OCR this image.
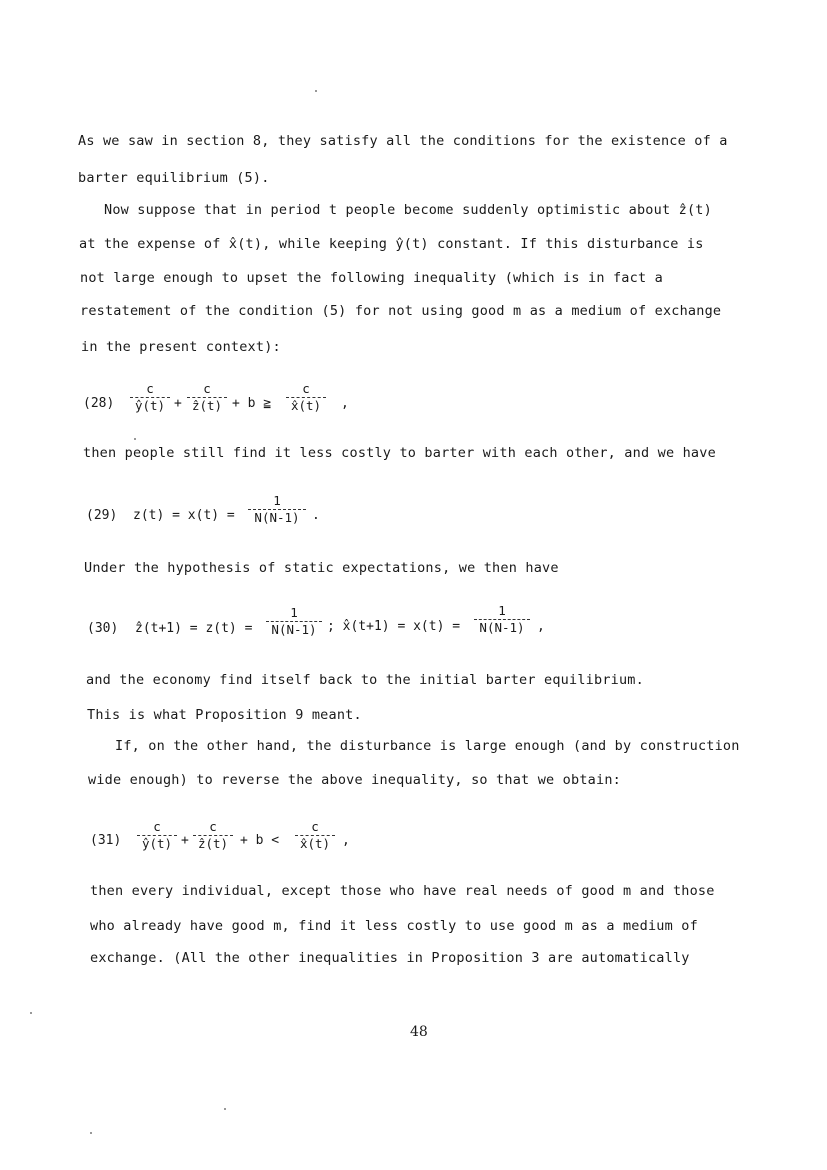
As we saw in section 8, they satisfy all the conditions for the existence of a
barter equilibrium (5).
Now suppose that in period t people become suddenly optimistic about ẑ(t)
at the expense of x̂(t), while keeping ŷ(t) constant. If this disturbance is
not large enough to upset the following inequality (which is in fact a
restatement of the condition (5) for not using good m as a medium of exchange
in the present context):
(28)
c
ŷ(t) +
c
ẑ(t) + b ≧
c
x̂(t)	,
then people still find it less costly to barter with each other, and we have
(29) z(t) = x(t) =
1
N(N-1) .
Under the hypothesis of static expectations, we then have
(30) ẑ(t+1) = z(t) =
1
N(N-1) ; x̂(t+1) = x(t) =
1
N(N-1) ,
and the economy find itself back to the initial barter equilibrium.
This is what Proposition 9 meant.
If, on the other hand, the disturbance is large enough (and by construction
wide enough) to reverse the above inequality, so that we obtain:
(31)
c
ŷ(t) +
c
ẑ(t) + b <
c
x̂(t) ,
then every individual, except those who have real needs of good m and those
who already have good m, find it less costly to use good m as a medium of
exchange. (All the other inequalities in Proposition 3 are automatically
48
